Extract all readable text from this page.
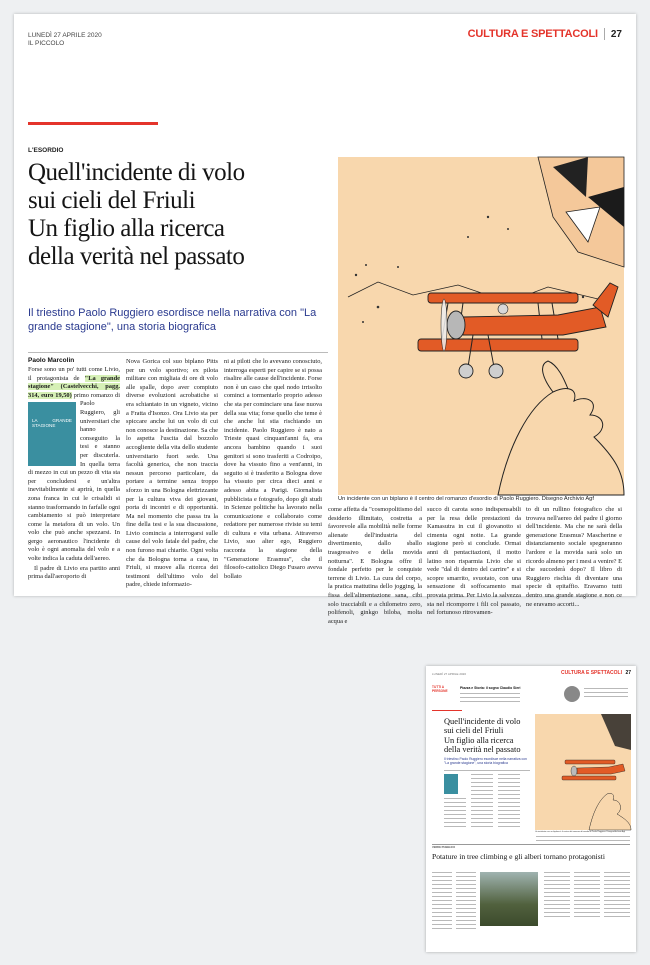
LUNEDÌ 27 APRILE 2020
IL PICCOLO
CULTURA E SPETTACOLI 27
L'ESORDIO
Quell'incidente di volo
sui cieli del Friuli
Un figlio alla ricerca
della verità nel passato
Il triestino Paolo Ruggiero esordisce nella narrativa con "La grande stagione", una storia biografica
Paolo Marcolin

Forse sono un po' tutti come Livio, il protagonista de "La grande stagione" (Castelvecchi, pagg. 314, euro 19,50)
LA GRANDE STAGIONE
primo romanzo di Paolo Ruggiero, gli universitari che hanno conseguito la tesi e stanno per discuterla. In quella terra di mezzo in cui un pezzo di vita sta per concludersi e un'altra inevitabilmente si aprirà, in quella zona franca in cui le crisalidi si stanno trasformando in farfalle ogni cambiamento si può interpretare come la metafora di un volo. Un volo che può anche spezzarsi. In gergo aeronautico l'incidente di volo è ogni anomalia del volo e a volte indica la caduta dell'aereo.

Il padre di Livio era partito anni prima dall'aeroporto di

Nova Gorica col suo biplano Pitts per un volo sportivo; ex pilota militare con migliaia di ore di volo alle spalle, dopo aver compiuto diverse evoluzioni acrobatiche si era schiantato in un vigneto, vicino a Fratta d'Isonzo. Ora Livio sta per spiccare anche lui un volo di cui non conosce la destinazione. Sa che lo aspetta l'uscita dal bozzolo accogliente della vita dello studente universitario fuori sede. Una facoltà generica, che non traccia nessun percorso particolare, da portare a termine senza troppo sforzo in una Bologna elettrizzante per la cultura viva dei giovani, porta di incontri e di opportunità. Ma nel momento che passa tra la fine della tesi e la sua discussione, Livio comincia a interrogarsi sulle cause del volo fatale del padre, che non furono mai chiarite. Ogni volta che da Bologna torna a casa, in Friuli, si muove alla ricerca dei testimoni dell'ultimo volo del padre, chiede informazio-

ni ai piloti che lo avevano conosciuto, interroga esperti per capire se si possa risalire alle cause dell'incidente. Forse non è un caso che quel nodo irrisolto cominci a tormentarlo proprio adesso che sta per cominciare una fase nuova della sua vita; forse quello che teme è che anche lui stia rischiando un incidente. Paolo Ruggiero è nato a Trieste quasi cinquant'anni fa, era ancora bambino quando i suoi genitori si sono trasferiti a Codroipo, dove ha vissuto fino a vent'anni, in seguito si è trasferito a Bologna dove ha vissuto per circa dieci anni e adesso abita a Parigi. Giornalista pubblicista e fotografo, dopo gli studi in Scienze politiche ha lavorato nella comunicazione e collaborato come redattore per numerose riviste su temi di cultura e vita urbana. Attraverso Livio, suo alter ego, Ruggiero racconta la stagione della "Generazione Erasmus", che il filosofo-cattolico Diego Fusaro aveva bollato

come affetta da "cosmopolitismo del desiderio illimitato, costretta a favorevole alla mobilità nelle forme alienate dell'industria del divertimento, dallo sballo trasgressivo e della movida notturna". E Bologna offre il fondale perfetto per le conquiste terrene di Livio. La cura del corpo, la pratica mattutina dello jogging, la fissa dell'alimentazione sana, cibi solo tracciabili e a chilometro zero, polifenoli, ginkgo biloba, molta acqua e

succo di carota sono indispensabili per la resa delle prestazioni da Kamasutra in cui il giovanotto si cimenta ogni notte. La grande stagione però si conclude. Ormai anni di pentacitazioni, il motto latino non risparmia Livio che si vede "dal di dentro del carrire" e si scopre smarrito, svuotato, con una sensazione di soffocamento mai provata prima. Per Livio la salvezza sta nel ricomporre i fili col passato, nel fortunoso ritrovamen-

to di un rullino fotografico che si trovava nell'aereo del padre il giorno dell'incidente. Ma che ne sarà della generazione Erasmus? Mascherine e distanziamento sociale spegneranno l'ardore e la movida sarà solo un ricordo almeno per i mesi a venire? E che succederà dopo? Il libro di Ruggiero rischia di diventare una specie di epitaffio. Eravamo tutti dentro una grande stagione e non ce ne eravamo accorti...

Un incidente con un biplano è il centro del romanzo d'esordio di Paolo Ruggiero. Disegno Archivio Agf
LUNEDÌ 27 APRILE 2020	CULTURA E SPETTACOLI 27
TUTTI A PERSONE
Piazza e Storia: il sogno Claudio Sieri
Quell'incidente di volo
sui cieli del Friuli
Un figlio alla ricerca
della verità nel passato
Il triestino Paolo Ruggiero esordisce nella narrativa con "La grande stagione", una storia biografica
Un incidente con un biplano è il centro del romanzo d'esordio di Paolo Ruggiero. Disegno Archivio Agf
VERDE PUBBLICO
Potature in tree climbing e gli alberi tornano protagonisti
